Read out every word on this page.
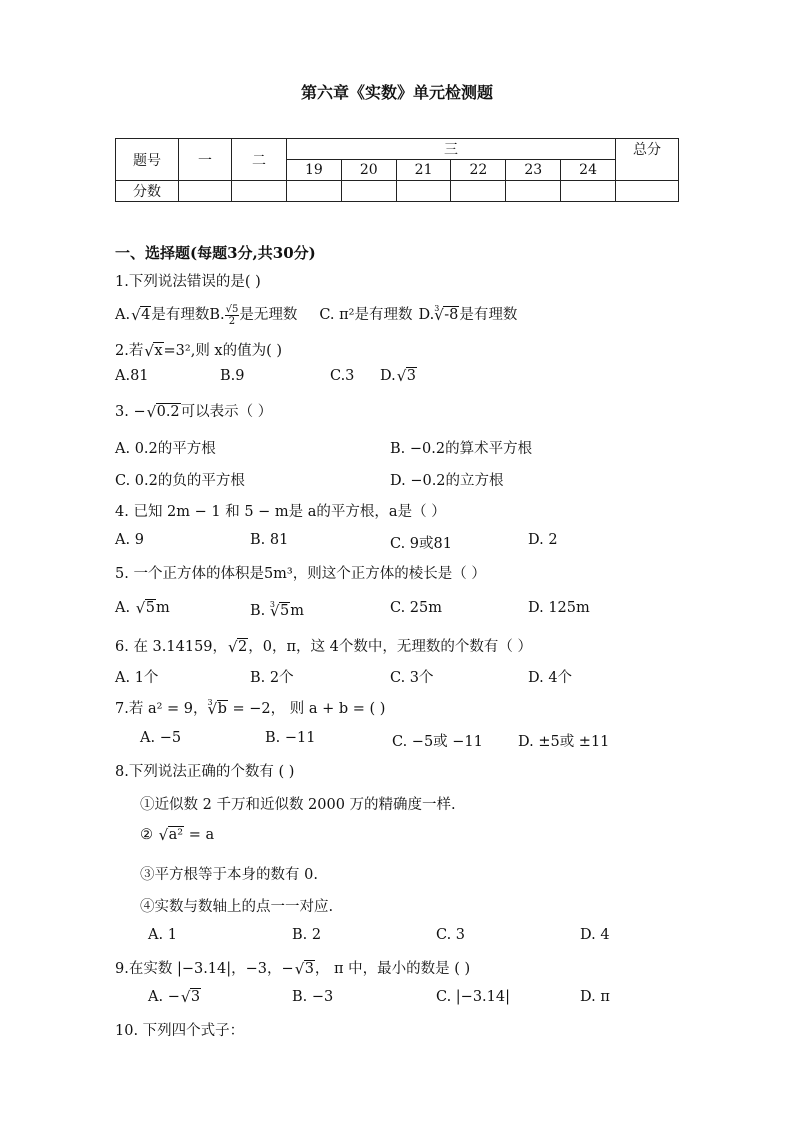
第六章《实数》单元检测题
题号	一	二	三						总分
			19	20	21	22	23	24	
分数									
一、选择题(每题3分,共30分)
1.下列说法错误的是( )
A. √ 4是有理数B. $\frac{√5}{2}$ 是无理数 C. π²是有理数 D.$^3$ √ -8是有理数
2.若 √ x=3²,则 x的值为( )
A.81	B.9	C.3 D. √ 3
3. − √ 0.2可以表示（ ）
A. 0.2的平方根	B. −0.2的算术平方根
C. 0.2的负的平方根	D. −0.2的立方根
4. 已知 2m − 1 和 5 − m是 a的平方根，a是（ ）
A. 9	B. 81	C. 9或81	D. 2
5. 一个正方体的体积是5m³，则这个正方体的棱长是（ ）
A. √ 5m	B. $^3$ √ 5m	C. 25m	D. 125m
6. 在 3.14159， √ 2，0，π，这 4个数中，无理数的个数有（ ）
A. 1个	B. 2个	C. 3个	D. 4个
7.若 a² = 9，$^3$ √ b = −2， 则 a + b = ( )
A. −5	B. −11	C. −5或 −11 D. ±5或 ±11
8.下列说法正确的个数有 ( )
①近似数 2 千万和近似数 2000 万的精确度一样.
② √ a² = a
③平方根等于本身的数有 0.
④实数与数轴上的点一一对应.
A. 1	B. 2	C. 3	D. 4
9.在实数 |−3.14|，−3，− √ 3， π 中，最小的数是 ( )
A. − √ 3	B. −3	C. |−3.14|	D. π
10. 下列四个式子：
